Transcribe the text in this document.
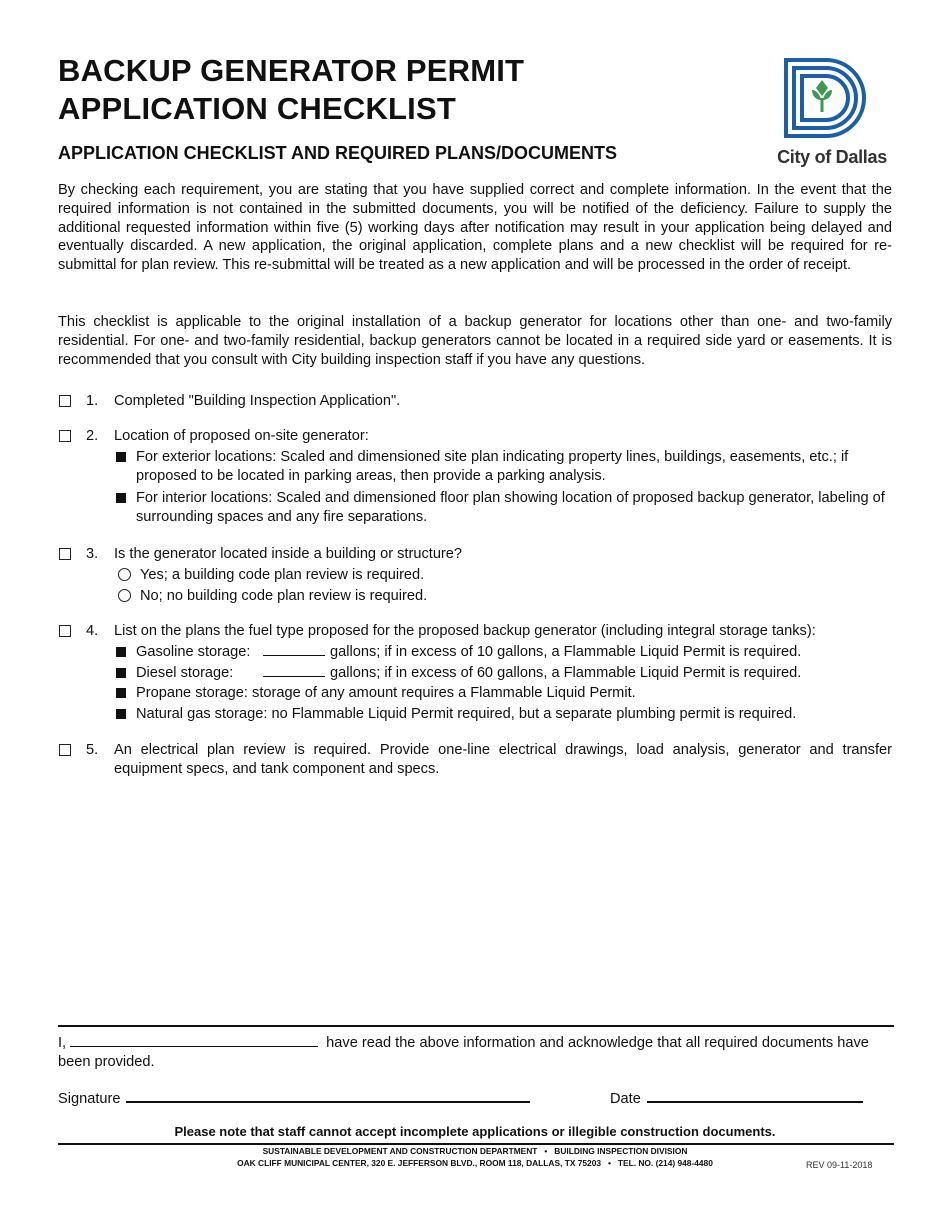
BACKUP GENERATOR PERMIT
APPLICATION CHECKLIST
APPLICATION CHECKLIST AND REQUIRED PLANS/DOCUMENTS	City of Dallas

By checking each requirement, you are stating that you have supplied correct and complete information. In the event that the required information is not contained in the submitted documents, you will be notified of the deficiency. Failure to supply the additional requested information within five (5) working days after notification may result in your application being delayed and eventually discarded. A new application, the original application, complete plans and a new checklist will be required for re-submittal for plan review. This re-submittal will be treated as a new application and will be processed in the order of receipt.

This checklist is applicable to the original installation of a backup generator for locations other than one- and two-family residential. For one- and two-family residential, backup generators cannot be located in a required side yard or easements. It is recommended that you consult with City building inspection staff if you have any questions.

1. Completed "Building Inspection Application".
2. Location of proposed on-site generator:
For exterior locations: Scaled and dimensioned site plan indicating property lines, buildings, easements, etc.; if proposed to be located in parking areas, then provide a parking analysis.
For interior locations: Scaled and dimensioned floor plan showing location of proposed backup generator, labeling of surrounding spaces and any fire separations.
3. Is the generator located inside a building or structure?
Yes; a building code plan review is required.
No; no building code plan review is required.
4. List on the plans the fuel type proposed for the proposed backup generator (including integral storage tanks):
Gasoline storage:	gallons; if in excess of 10 gallons, a Flammable Liquid Permit is required.
Diesel storage:	gallons; if in excess of 60 gallons, a Flammable Liquid Permit is required.
Propane storage: storage of any amount requires a Flammable Liquid Permit.
Natural gas storage: no Flammable Liquid Permit required, but a separate plumbing permit is required.
5. An electrical plan review is required. Provide one-line electrical drawings, load analysis, generator and transfer equipment specs, and tank component and specs.
I,	have read the above information and acknowledge that all required documents have been provided.
Signature	Date
Please note that staff cannot accept incomplete applications or illegible construction documents.
SUSTAINABLE DEVELOPMENT AND CONSTRUCTION DEPARTMENT   •   BUILDING INSPECTION DIVISION
OAK CLIFF MUNICIPAL CENTER, 320 E. JEFFERSON BLVD., ROOM 118, DALLAS, TX 75203   •   TEL. NO. (214) 948-4480	REV 09-11-2018
